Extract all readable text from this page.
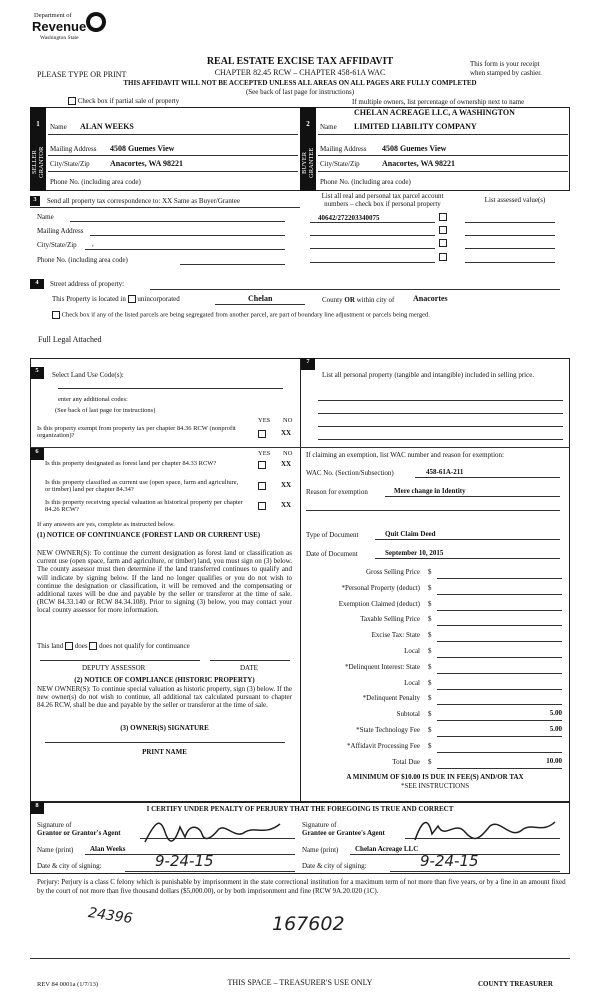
Department of
Revenue
Washington State
REAL ESTATE EXCISE TAX AFFIDAVIT
PLEASE TYPE OR PRINT	CHAPTER 82.45 RCW – CHAPTER 458-61A WAC
This form is your receipt
when stamped by cashier.
THIS AFFIDAVIT WILL NOT BE ACCEPTED UNLESS ALL AREAS ON ALL PAGES ARE FULLY COMPLETED
(See back of last page for instructions)
Check box if partial sale of property	If multiple owners, list percentage of ownership next to name
1
SELLER GRANTOR
2
BUYER GRANTEE
Name ALAN WEEKS
Mailing Address 4508 Guemes View
City/State/Zip	Anacortes, WA 98221
Phone No. (including area code)
CHELAN ACREAGE LLC, A WASHINGTON
Name LIMITED LIABILITY COMPANY
Mailing Address 4508 Guemes View
City/State/Zip	Anacortes, WA 98221
Phone No. (including area code)
3	Send all property tax correspondence to: XX Same as Buyer/Grantee
Name
Mailing Address
City/State/Zip ,
Phone No. (including area code)
List all real and personal tax parcel account
numbers – check box if personal property	List assessed value(s)
40642/272203340075
4	Street address of property:
This Property is located in unincorporated	Chelan	County OR within city of Anacortes
Check box if any of the listed parcels are being segregated from another parcel, are part of boundary line adjustment or parcels being merged.
Full Legal Attached
5
Select Land Use Code(s):
enter any additional codes:
(See back of last page for instructions)
YES NO
Is this property exempt from property tax per chapter 84.36 RCW (nonprofit organization)?	XX
6	YES NO
Is this property designated as forest land per chapter 84.33 RCW?	XX
Is this property classified as current use (open space, farm and agriculture, or timber) land per chapter 84.34?
XX
Is this property receiving special valuation as historical property per chapter 84.26 RCW?
XX
If any answers are yes, complete as instructed below.
(1) NOTICE OF CONTINUANCE (FOREST LAND OR CURRENT USE)
NEW OWNER(S): To continue the current designation as forest land or classification as current use (open space, farm and agriculture, or timber) land, you must sign on (3) below. The county assessor must then determine if the land transferred continues to qualify and will indicate by signing below. If the land no longer qualifies or you do not wish to continue the designation or classification, it will be removed and the compensating or additional taxes will be due and payable by the seller or transferor at the time of sale. (RCW 84.33.140 or RCW 84.34.108). Prior to signing (3) below, you may contact your local county assessor for more information.
This land does does not qualify for continuance
DEPUTY ASSESSOR	DATE
(2) NOTICE OF COMPLIANCE (HISTORIC PROPERTY)
NEW OWNER(S): To continue special valuation as historic property, sign (3) below. If the new owner(s) do not wish to continue, all additional tax calculated pursuant to chapter 84.26 RCW, shall be due and payable by the seller or transferor at the time of sale.
(3) OWNER(S) SIGNATURE
PRINT NAME
7
List all personal property (tangible and intangible) included in selling price.
If claiming an exemption, list WAC number and reason for exemption:
WAC No. (Section/Subsection)	458-61A-211
Reason for exemption	Mere change in Identity
Type of Document	Quit Claim Deed
Date of Document	September 10, 2015
Gross Selling Price $
*Personal Property (deduct) $
Exemption Claimed (deduct) $
Taxable Selling Price $
Excise Tax: State $
Local $
*Delinquent Interest: State $
Local $
*Delinquent Penalty $
Subtotal $	5.00
*State Technology Fee $	5.00
*Affidavit Processing Fee $
Total Due $	10.00
A MINIMUM OF $10.00 IS DUE IN FEE(S) AND/OR TAX
*SEE INSTRUCTIONS
8	I CERTIFY UNDER PENALTY OF PERJURY THAT THE FOREGOING IS TRUE AND CORRECT
Signature of
Grantor or Grantor's Agent
Signature of
Grantee or Grantee's Agent
Name (print) Alan Weeks	Name (print) Chelan Acreage LLC
Date & city of signing:	9-24-15	Date & city of signing:	9-24-15
Perjury: Perjury is a class C felony which is punishable by imprisonment in the state correctional institution for a maximum term of not more than five years, or by a fine in an amount fixed by the court of not more than five thousand dollars ($5,000.00), or by both imprisonment and fine (RCW 9A.20.020 (1C).
24396	167602
REV 84 0001a (1/7/13)	THIS SPACE – TREASURER'S USE ONLY	COUNTY TREASURER
